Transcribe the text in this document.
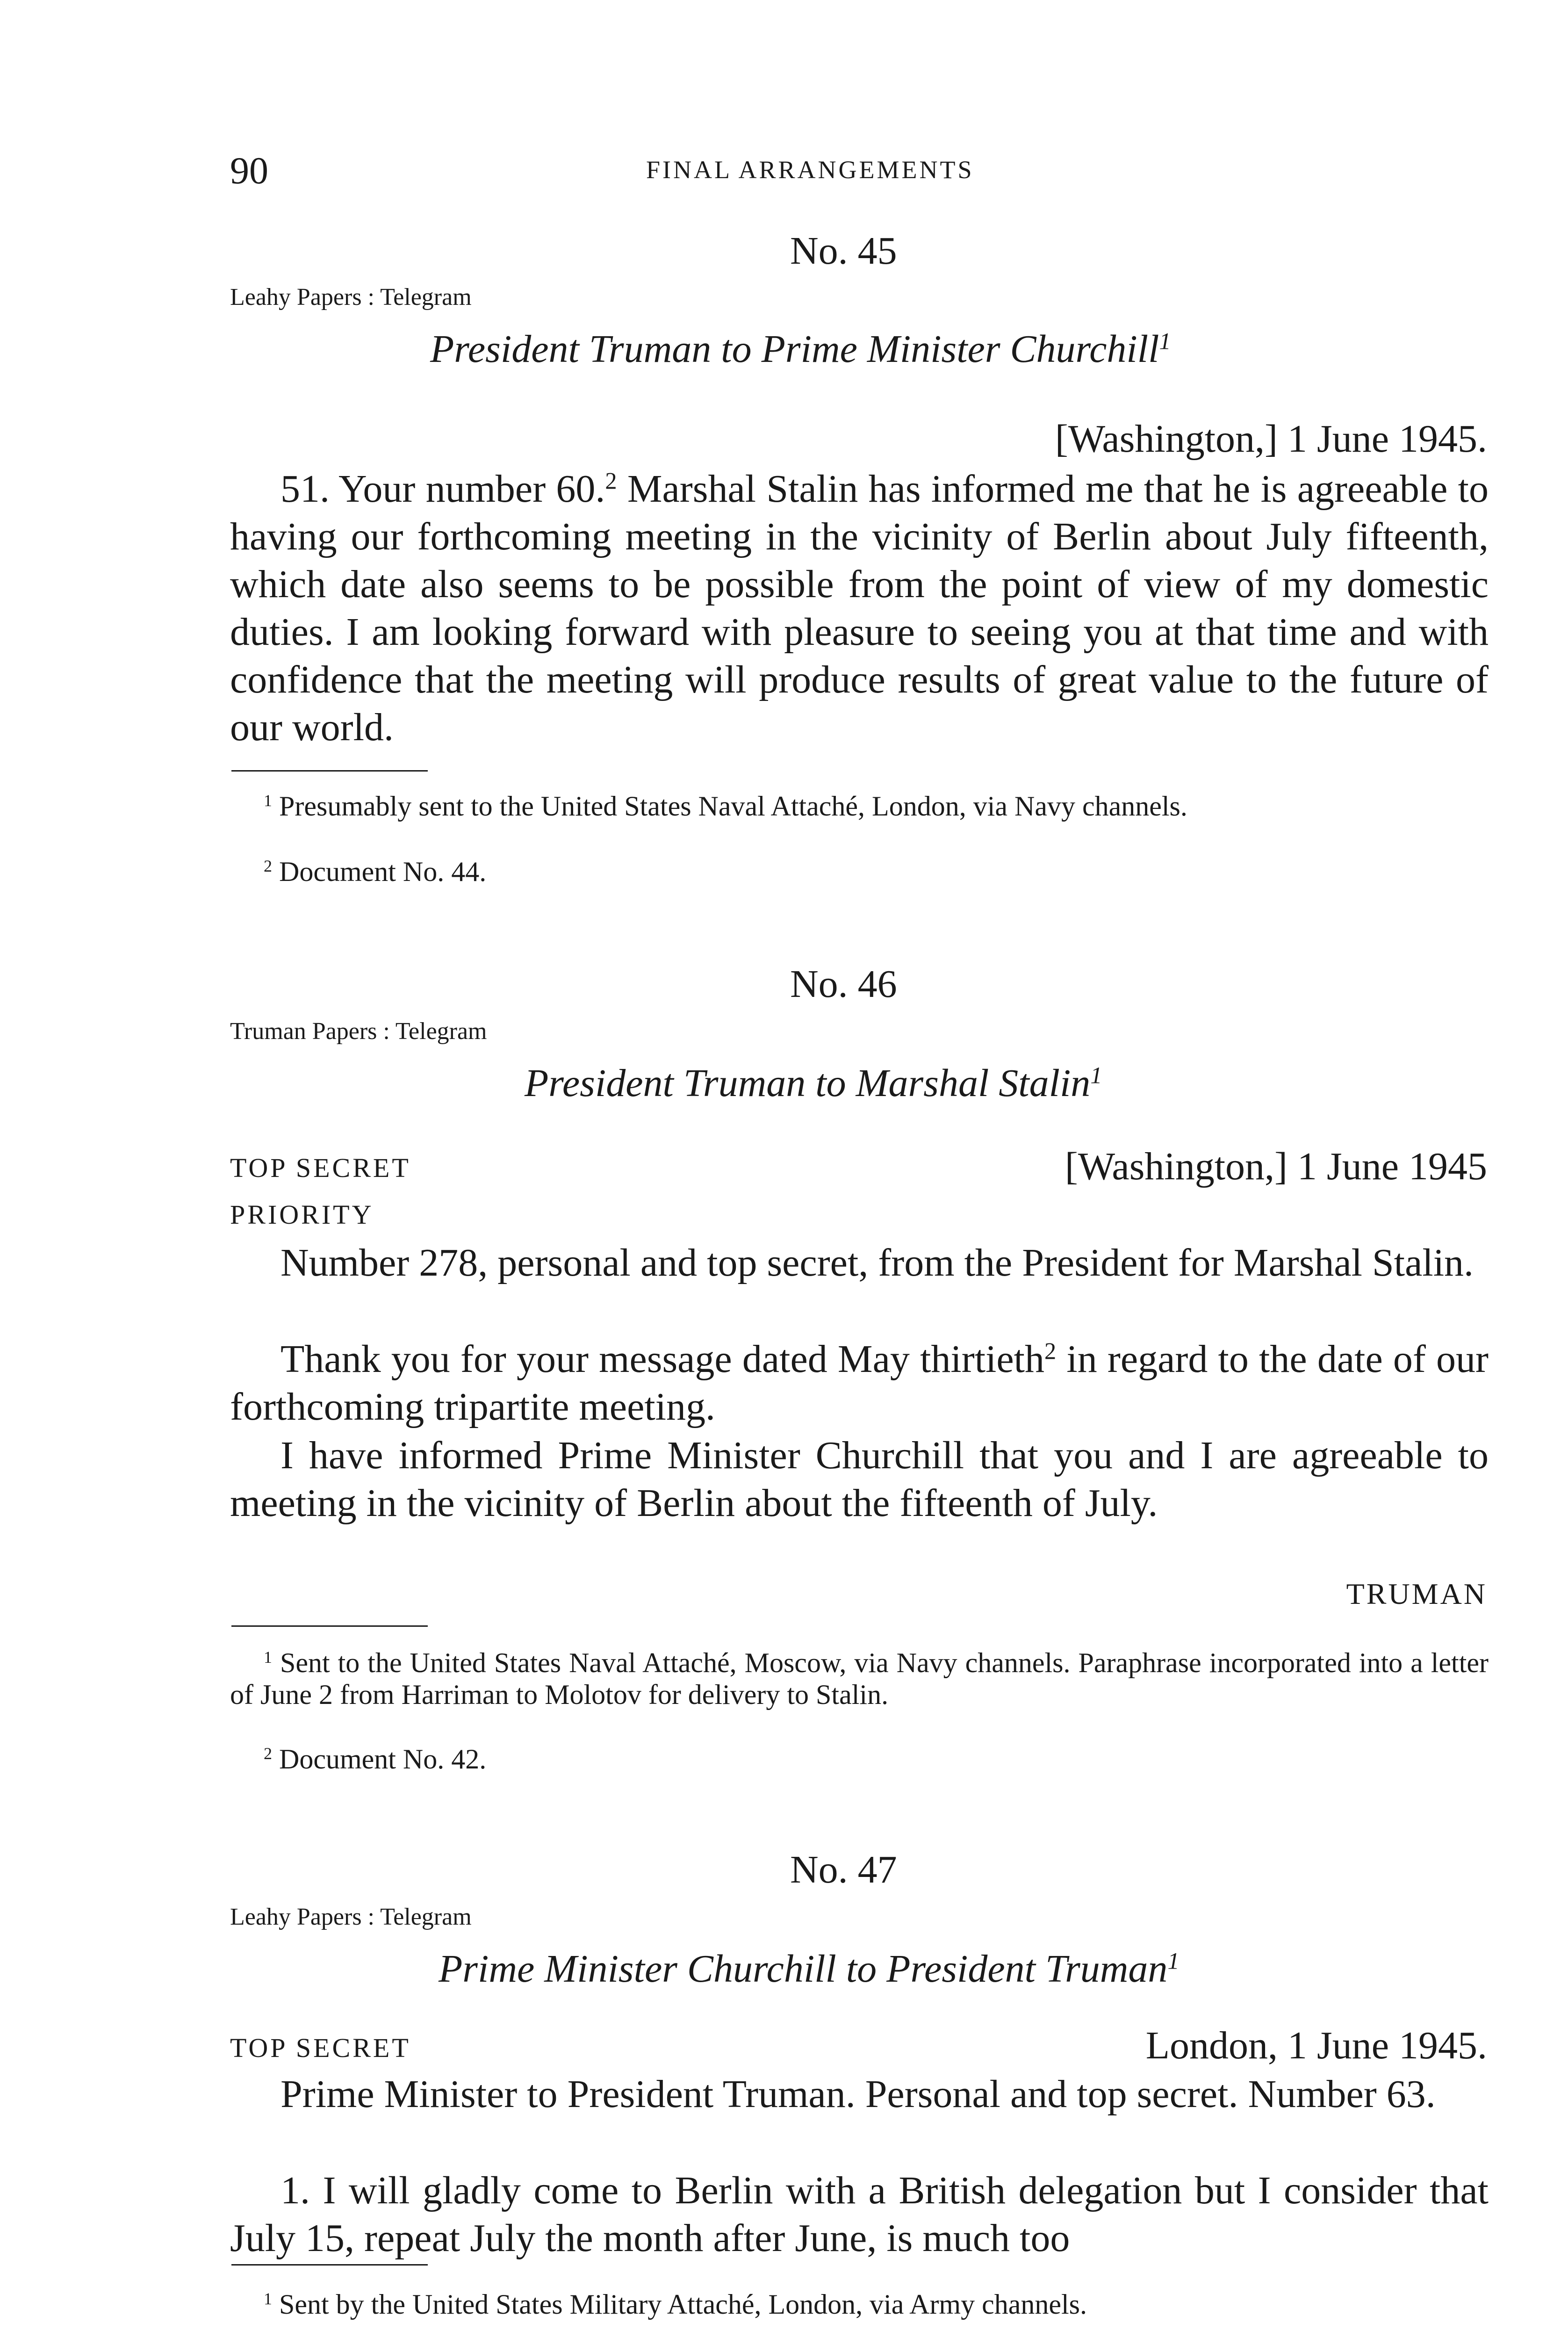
90	FINAL ARRANGEMENTS
No. 45
Leahy Papers : Telegram
President Truman to Prime Minister Churchill$^1$
[Washington,] 1 June 1945.

51. Your number 60.$^2$ Marshal Stalin has informed me that he is agreeable to having our forthcoming meeting in the vicinity of Berlin about July fifteenth, which date also seems to be possible from the point of view of my domestic duties. I am looking forward with pleasure to seeing you at that time and with confidence that the meeting will produce results of great value to the future of our world.

$^1$ Presumably sent to the United States Naval Attaché, London, via Navy channels.

$^2$ Document No. 44.

No. 46
Truman Papers : Telegram
President Truman to Marshal Stalin$^1$
TOP SECRET	[Washington,] 1 June 1945
PRIORITY

Number 278, personal and top secret, from the President for Marshal Stalin.

Thank you for your message dated May thirtieth$^2$ in regard to the date of our forthcoming tripartite meeting.

I have informed Prime Minister Churchill that you and I are agreeable to meeting in the vicinity of Berlin about the fifteenth of July.

TRUMAN

$^1$ Sent to the United States Naval Attaché, Moscow, via Navy channels. Paraphrase incorporated into a letter of June 2 from Harriman to Molotov for delivery to Stalin.

$^2$ Document No. 42.

No. 47
Leahy Papers : Telegram
Prime Minister Churchill to President Truman$^1$
TOP SECRET	London, 1 June 1945.

Prime Minister to President Truman. Personal and top secret. Number 63.

1. I will gladly come to Berlin with a British delegation but I consider that July 15, repeat July the month after June, is much too

$^1$ Sent by the United States Military Attaché, London, via Army channels.
